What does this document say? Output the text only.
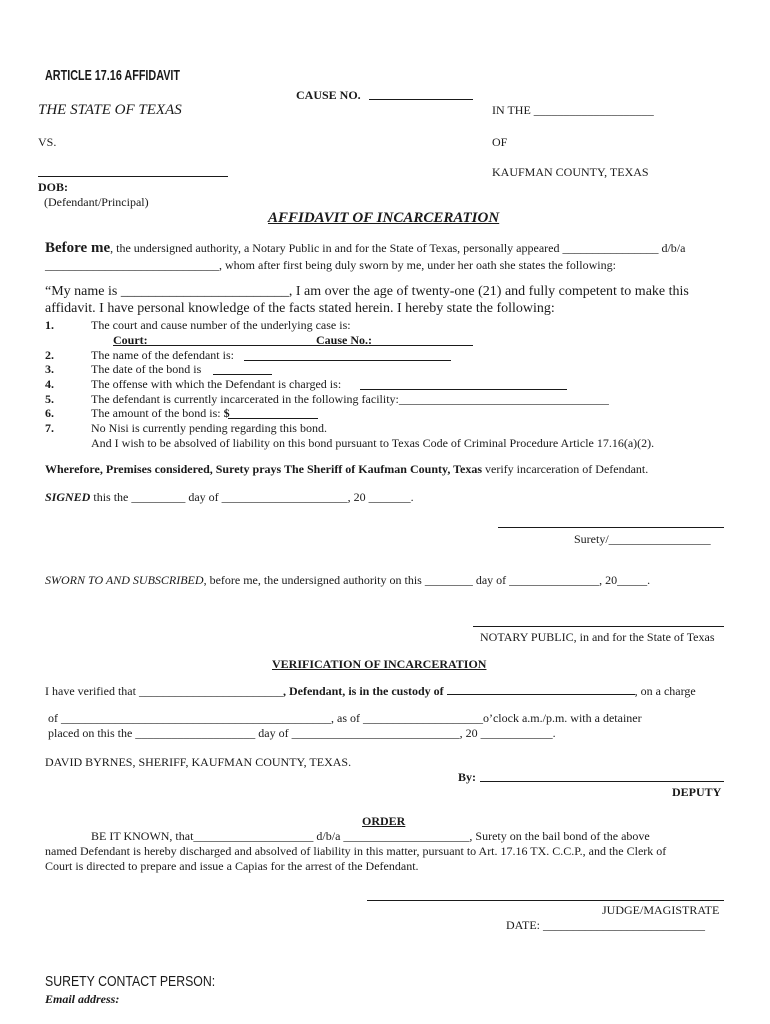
ARTICLE 17.16 AFFIDAVIT
CAUSE NO.
THE STATE OF TEXAS	IN THE ____________________
VS.	OF
KAUFMAN COUNTY, TEXAS
DOB:
(Defendant/Principal)
AFFIDAVIT OF INCARCERATION
Before me, the undersigned authority, a Notary Public in and for the State of Texas, personally appeared ________________ d/b/a
_____________________________, whom after first being duly sworn by me, under her oath she states the following:
“My name is ________________________, I am over the age of twenty-one (21) and fully competent to make this
affidavit. I have personal knowledge of the facts stated herein. I hereby state the following:
1.	The court and cause number of the underlying case is:
Court:	Cause No.:
2.	The name of the defendant is:
3.	The date of the bond is
4.	The offense with which the Defendant is charged is:
5.	The defendant is currently incarcerated in the following facility:___________________________________
6.	The amount of the bond is: $
7.	No Nisi is currently pending regarding this bond.
And I wish to be absolved of liability on this bond pursuant to Texas Code of Criminal Procedure Article 17.16(a)(2).
Wherefore, Premises considered, Surety prays The Sheriff of Kaufman County, Texas verify incarceration of Defendant.
SIGNED this the _________ day of _____________________, 20 _______.
Surety/_________________
SWORN TO AND SUBSCRIBED, before me, the undersigned authority on this ________ day of _______________, 20_____.
NOTARY PUBLIC, in and for the State of Texas
VERIFICATION OF INCARCERATION
I have verified that ________________________, Defendant, is in the custody of	, on a charge
of _____________________________________________, as of ____________________o’clock a.m./p.m. with a detainer
placed on this the ____________________ day of ____________________________, 20 ____________.
DAVID BYRNES, SHERIFF, KAUFMAN COUNTY, TEXAS.
By:
DEPUTY
ORDER
BE IT KNOWN, that____________________ d/b/a _____________________, Surety on the bail bond of the above
named Defendant is hereby discharged and absolved of liability in this matter, pursuant to Art. 17.16 TX. C.C.P., and the Clerk of
Court is directed to prepare and issue a Capias for the arrest of the Defendant.
JUDGE/MAGISTRATE
DATE: ___________________________
SURETY CONTACT PERSON:
Email address:
